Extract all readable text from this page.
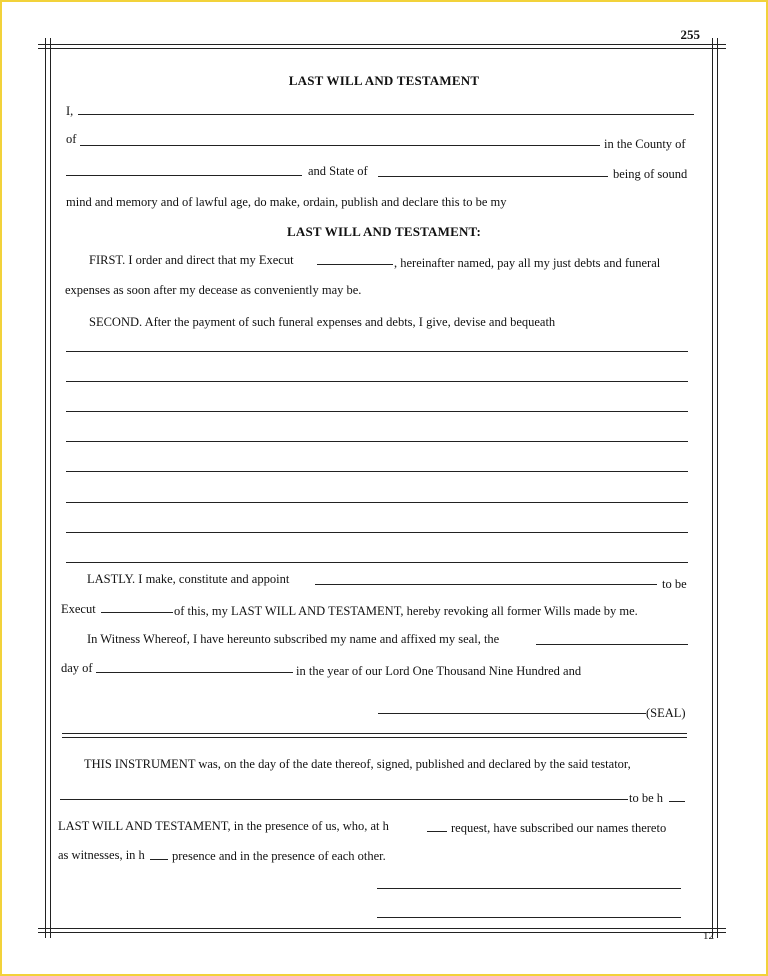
255
12
LAST WILL AND TESTAMENT
I,
of	in the County of
and State of	being of sound
mind and memory and of lawful age, do make, ordain, publish and declare this to be my
LAST WILL AND TESTAMENT:
FIRST. I order and direct that my Execut	, hereinafter named, pay all my just debts and funeral
expenses as soon after my decease as conveniently may be.
SECOND. After the payment of such funeral expenses and debts, I give, devise and bequeath
LASTLY. I make, constitute and appoint	to be
Execut	of this, my LAST WILL AND TESTAMENT, hereby revoking all former Wills made by me.
In Witness Whereof, I have hereunto subscribed my name and affixed my seal, the
day of	in the year of our Lord One Thousand Nine Hundred and
(SEAL)
THIS INSTRUMENT was, on the day of the date thereof, signed, published and declared by the said testator,
to be h
LAST WILL AND TESTAMENT, in the presence of us, who, at h	request, have subscribed our names thereto
as witnesses, in h presence and in the presence of each other.
